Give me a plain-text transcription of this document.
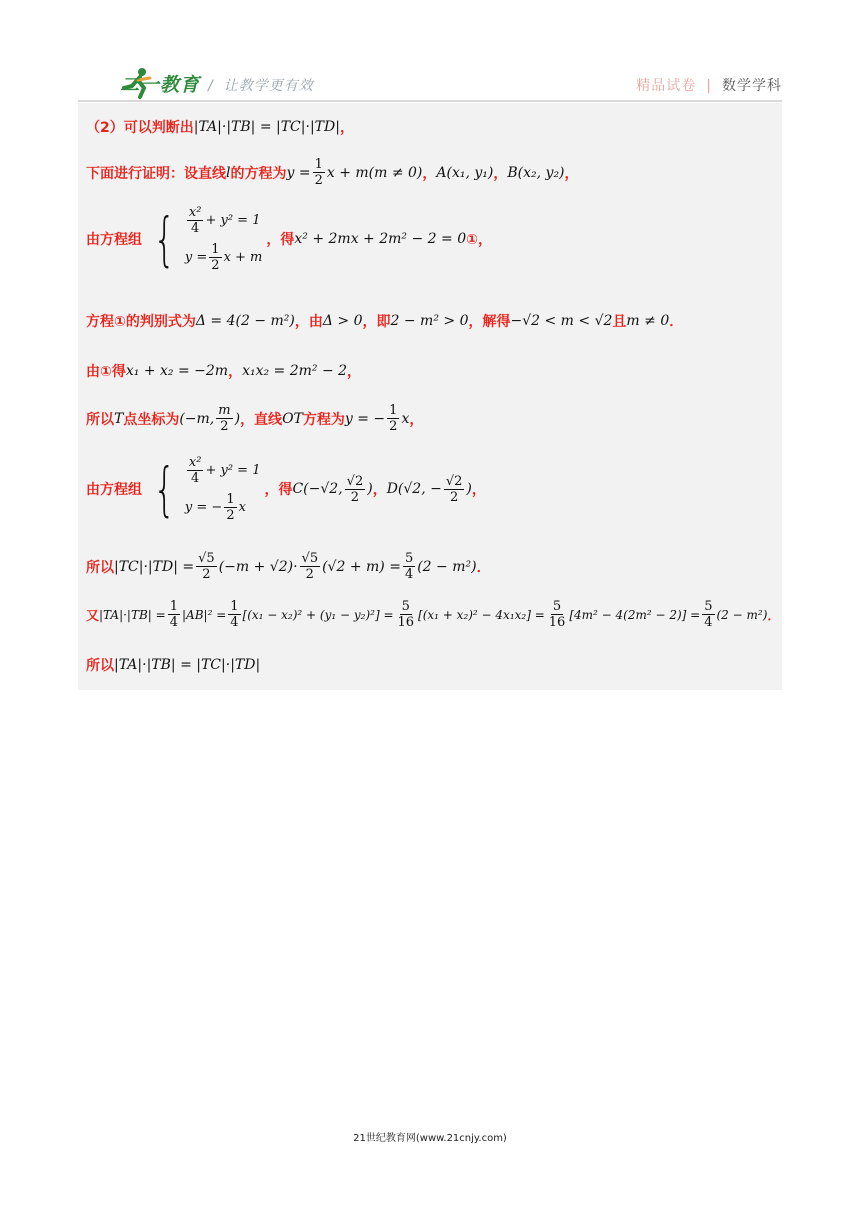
二一教育 / 让教学更有效	精品试卷 | 数学学科
（2）可以判断出 |TA|·|TB| = |TC|·|TD| ，
下面进行证明：设直线 l 的方程为 $y = \frac{1}{2}$ x + m(m ≠ 0) ， A(x₁, y₁) ， B(x₂, y₂) ，
由方程组 { $\frac{\text{x²}}{4} + y^2 = 1$
$y = \frac{1}{2}$ x + m
，得 x² + 2mx + 2m² − 2 = 0 ①，
方程①的判别式为 Δ = 4(2 − m²) ，由 Δ > 0 ，即 2 − m² > 0 ，解得 −√2 < m < √2 且 m ≠ 0 ．
由①得 x₁ + x₂ = −2m ， x₁x₂ = 2m² − 2 ，
所以 T 点坐标为 (−m, $\frac{m}{2}$ ) ，直线 OT 方程为 y = − $\frac{1}{2}$ x ，
由方程组 { $\frac{\text{x²}}{4} + y^2 = 1$
y = − $\frac{1}{2}$ x
，得 C(−√2, $\frac{√2}{2}$ ) ， D(√2, − $\frac{√2}{2}$ ) ，
所以 $|TC|\cdot|TD| = \frac{√5}{2} (-m + √2)\cdot \frac{√5}{2} (√2 + m) = \frac{5}{4} (2 - m^2)$ ．
又 $|TA|\cdot|TB| = \frac{1}{4} |AB|^2 = \frac{1}{4} [(x_1 - x_2)^2 + (y_1 - y_2)^2] = \frac{5}{16} [(x_1 + x_2)^2 - 4x_1x_2] = \frac{5}{16} [4m^2 - 4(2m^2 - 2)] = \frac{5}{4} (2 - m^2)$ ．
所以 |TA|·|TB| = |TC|·|TD|
21世纪教育网(www.21cnjy.com)
